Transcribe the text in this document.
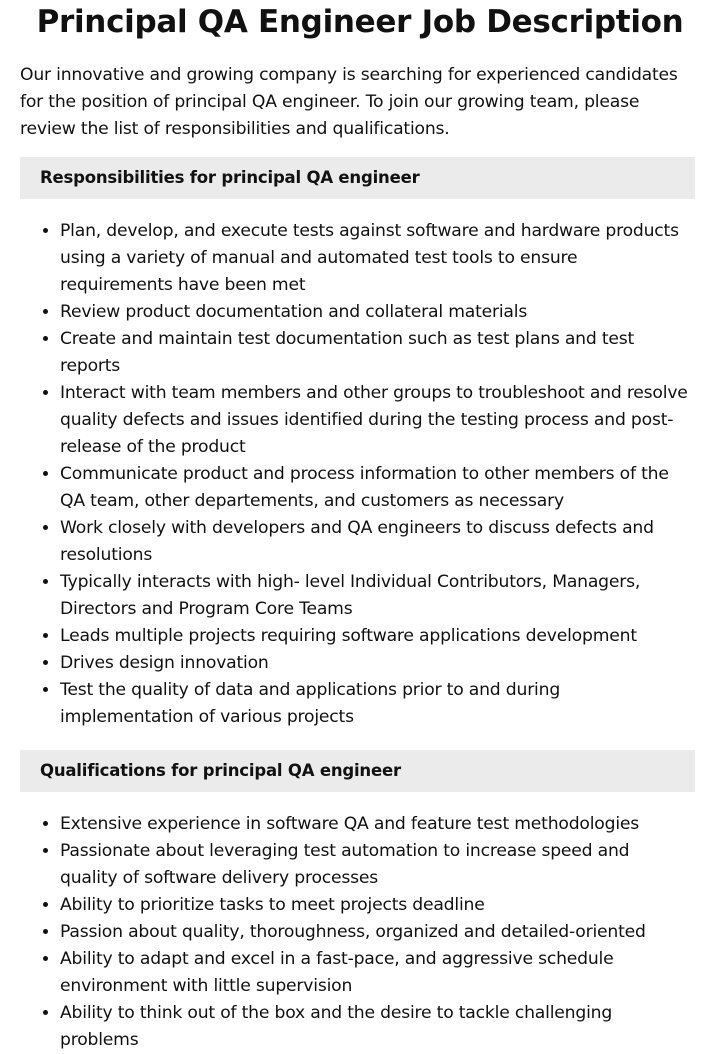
Principal QA Engineer Job Description

Our innovative and growing company is searching for experienced candidates for the position of principal QA engineer. To join our growing team, please review the list of responsibilities and qualifications.

Responsibilities for principal QA engineer
• Plan, develop, and execute tests against software and hardware products using a variety of manual and automated test tools to ensure requirements have been met
• Review product documentation and collateral materials
• Create and maintain test documentation such as test plans and test reports
• Interact with team members and other groups to troubleshoot and resolve quality defects and issues identified during the testing process and post-release of the product
• Communicate product and process information to other members of the QA team, other departements, and customers as necessary
• Work closely with developers and QA engineers to discuss defects and resolutions
• Typically interacts with high- level Individual Contributors, Managers, Directors and Program Core Teams
• Leads multiple projects requiring software applications development
• Drives design innovation
• Test the quality of data and applications prior to and during implementation of various projects
Qualifications for principal QA engineer
• Extensive experience in software QA and feature test methodologies
• Passionate about leveraging test automation to increase speed and quality of software delivery processes
• Ability to prioritize tasks to meet projects deadline
• Passion about quality, thoroughness, organized and detailed-oriented
• Ability to adapt and excel in a fast-pace, and aggressive schedule environment with little supervision
• Ability to think out of the box and the desire to tackle challenging problems
